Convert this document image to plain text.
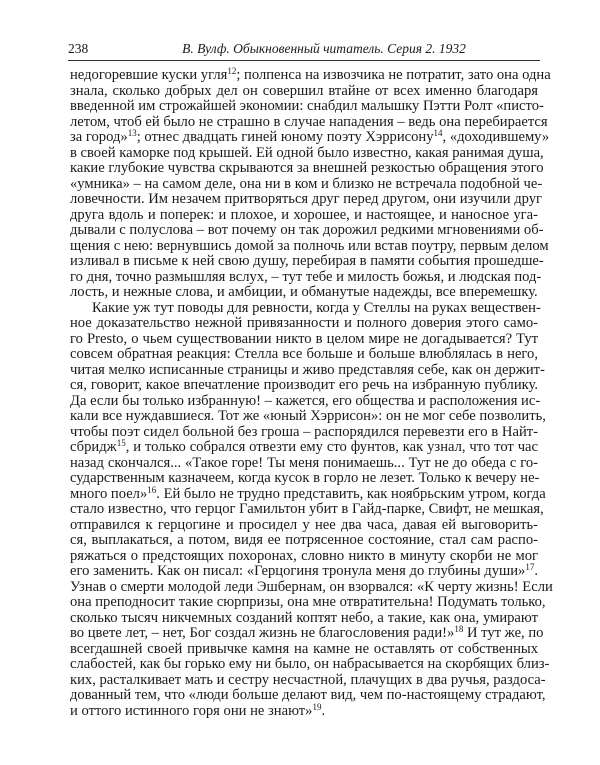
238	В. Вулф. Обыкновенный читатель. Серия 2. 1932
недогоревшие куски угля$^{12}$; полпенса на извозчика не потратит, зато она одна
знала, сколько добрых дел он совершил втайне от всех именно благодаря
введенной им строжайшей экономии: снабдил малышку Пэтти Ролт «писто-
летом, чтоб ей было не страшно в случае нападения – ведь она перебирается
за город»$^{13}$; отнес двадцать гиней юному поэту Хэррисону$^{14}$, «доходившему»
в своей каморке под крышей. Ей одной было известно, какая ранимая душа,
какие глубокие чувства скрываются за внешней резкостью обращения этого
«умника» – на самом деле, она ни в ком и близко не встречала подобной че-
ловечности. Им незачем притворяться друг перед другом, они изучили друг
друга вдоль и поперек: и плохое, и хорошее, и настоящее, и наносное уга-
дывали с полуслова – вот почему он так дорожил редкими мгновениями об-
щения с нею: вернувшись домой за полночь или встав поутру, первым делом
изливал в письме к ней свою душу, перебирая в памяти события прошедше-
го дня, точно размышляя вслух, – тут тебе и милость божья, и людская под-
лость, и нежные слова, и амбиции, и обманутые надежды, все вперемешку.
Какие уж тут поводы для ревности, когда у Стеллы на руках веществен-
ное доказательство нежной привязанности и полного доверия этого само-
го Presto, о чьем существовании никто в целом мире не догадывается? Тут
совсем обратная реакция: Стелла все больше и больше влюблялась в него,
читая мелко исписанные страницы и живо представляя себе, как он держит-
ся, говорит, какое впечатление производит его речь на избранную публику.
Да если бы только избранную! – кажется, его общества и расположения ис-
кали все нуждавшиеся. Тот же «юный Хэррисон»: он не мог себе позволить,
чтобы поэт сидел больной без гроша – распорядился перевезти его в Найт-
сбридж$^{15}$, и только собрался отвезти ему сто фунтов, как узнал, что тот час
назад скончался... «Такое горе! Ты меня понимаешь... Тут не до обеда с го-
сударственным казначеем, когда кусок в горло не лезет. Только к вечеру не-
много поел»$^{16}$. Ей было не трудно представить, как ноябрьским утром, когда
стало известно, что герцог Гамильтон убит в Гайд-парке, Свифт, не мешкая,
отправился к герцогине и просидел у нее два часа, давая ей выговорить-
ся, выплакаться, а потом, видя ее потрясенное состояние, стал сам распо-
ряжаться о предстоящих похоронах, словно никто в минуту скорби не мог
его заменить. Как он писал: «Герцогиня тронула меня до глубины души»$^{17}$.
Узнав о смерти молодой леди Эшбернам, он взорвался: «К черту жизнь! Если
она преподносит такие сюрпризы, она мне отвратительна! Подумать только,
сколько тысяч никчемных созданий коптят небо, а такие, как она, умирают
во цвете лет, – нет, Бог создал жизнь не благословения ради!»$^{18}$ И тут же, по
всегдашней своей привычке камня на камне не оставлять от собственных
слабостей, как бы горько ему ни было, он набрасывается на скорбящих близ-
ких, расталкивает мать и сестру несчастной, плачущих в два ручья, раздоса-
дованный тем, что «люди больше делают вид, чем по-настоящему страдают,
и оттого истинного горя они не знают»$^{19}$.
